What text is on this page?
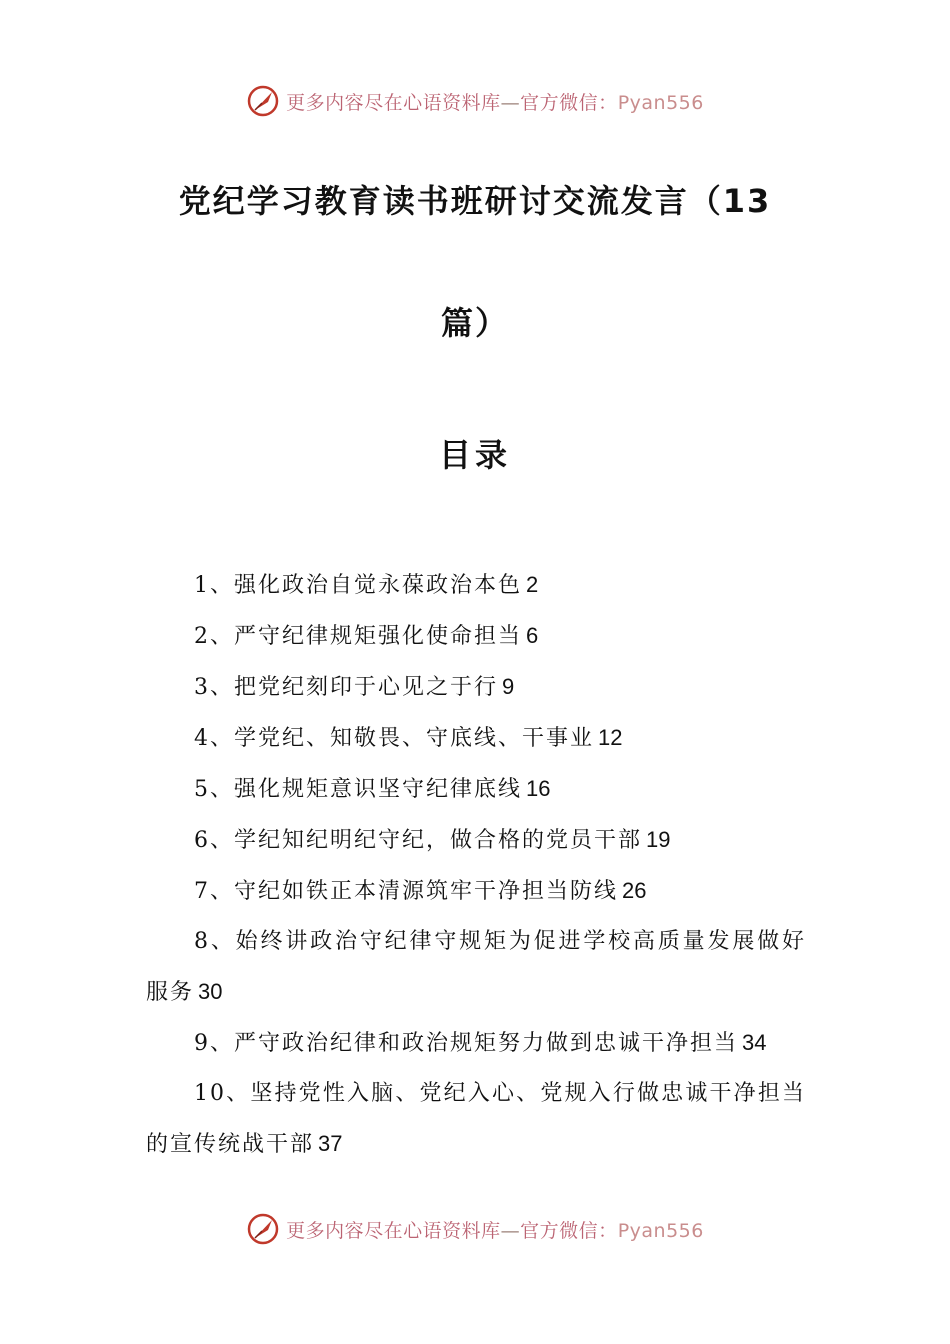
更多内容尽在心语资料库—官方微信：Pyan556
党纪学习教育读书班研讨交流发言（13
篇）
目录

1、强化政治自觉永葆政治本色 2

2、严守纪律规矩强化使命担当 6

3、把党纪刻印于心见之于行 9

4、学党纪、知敬畏、守底线、干事业 12

5、强化规矩意识坚守纪律底线 16

6、学纪知纪明纪守纪，做合格的党员干部 19

7、守纪如铁正本清源筑牢干净担当防线 26

8、始终讲政治守纪律守规矩为促进学校高质量发展做好服务 30

9、严守政治纪律和政治规矩努力做到忠诚干净担当 34

10、坚持党性入脑、党纪入心、党规入行做忠诚干净担当的宣传统战干部 37

更多内容尽在心语资料库—官方微信：Pyan556
